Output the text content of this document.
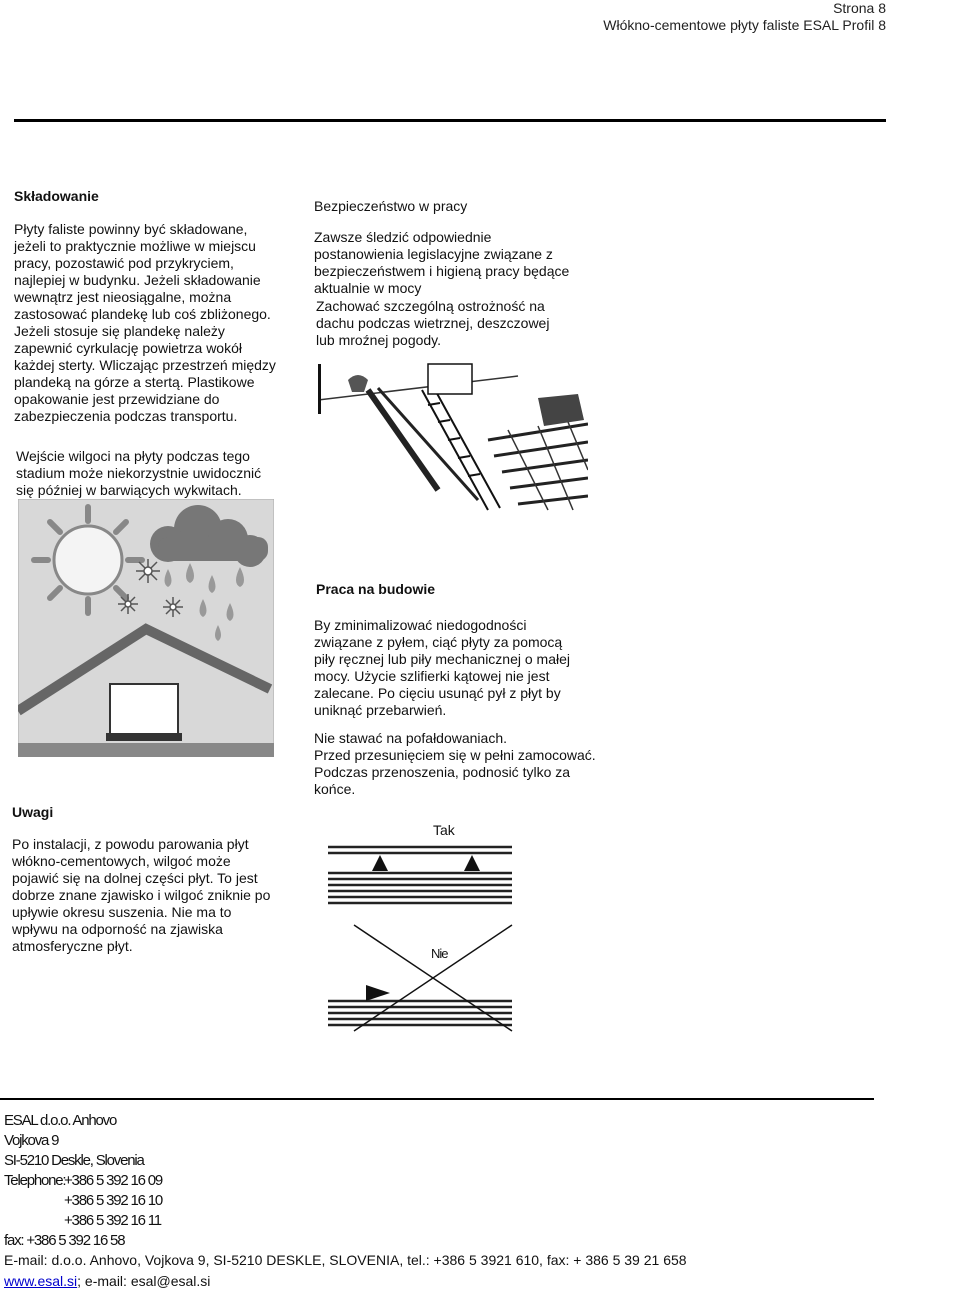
Strona 8
Włókno-cementowe płyty faliste ESAL Profil 8
Składowanie
Płyty faliste powinny być składowane,
jeżeli to praktycznie możliwe w miejscu
pracy, pozostawić pod przykryciem,
najlepiej w budynku. Jeżeli składowanie
wewnątrz jest nieosiągalne, można
zastosować plandekę lub coś zbliżonego.
Jeżeli stosuje się plandekę należy
zapewnić cyrkulację powietrza wokół
każdej sterty. Wliczając przestrzeń między
plandeką na górze a stertą. Plastikowe
opakowanie jest przewidziane do
zabezpieczenia podczas transportu.
Wejście wilgoci na płyty podczas tego
stadium może niekorzystnie uwidocznić
się później w barwiących wykwitach.
Bezpieczeństwo w pracy
Zawsze śledzić odpowiednie
postanowienia legislacyjne związane z
bezpieczeństwem i higieną pracy będące
aktualnie w mocy
Zachować szczególną ostrożność na
dachu podczas wietrznej, deszczowej
lub mroźnej pogody.
Praca na budowie
By zminimalizować niedogodności
związane z pyłem, ciąć płyty za pomocą
piły ręcznej lub piły mechanicznej o małej
mocy. Użycie szlifierki kątowej nie jest
zalecane. Po cięciu usunąć pył z płyt by
uniknąć przebarwień.
Nie stawać na pofałdowaniach.
Przed przesunięciem się w pełni zamocować.
Podczas przenoszenia, podnosić tylko za
końce.
Tak
Nie
Uwagi
Po instalacji, z powodu parowania płyt
włókno-cementowych, wilgoć może
pojawić się na dolnej części płyt. To jest
dobrze znane zjawisko i wilgoć zniknie po
upływie okresu suszenia. Nie ma to
wpływu na odporność na zjawiska
atmosferyczne płyt.
ESAL d.o.o. Anhovo
Vojkova 9
SI-5210 Deskle, Slovenia
Telephone:
+386 5 392 16 09
+386 5 392 16 10
+386 5 392 16 11
fax: +386 5 392 16 58
E-mail: d.o.o. Anhovo, Vojkova 9, SI-5210 DESKLE, SLOVENIA, tel.: +386 5 3921 610, fax: + 386 5 39 21 658
www.esal.si; e-mail: esal@esal.si
